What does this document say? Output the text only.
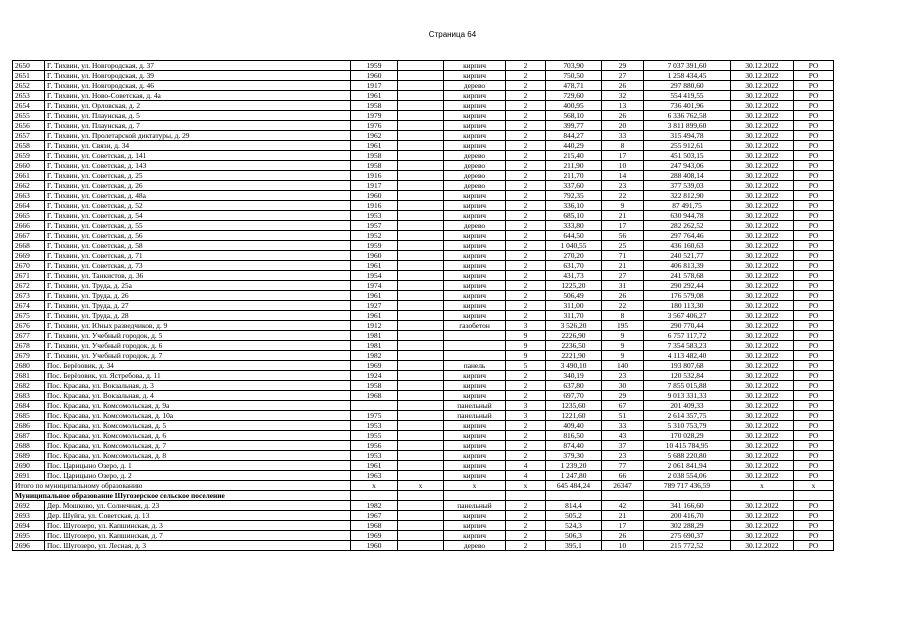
Страница 64
2650	Г. Тихвин, ул. Новгородская, д. 37	1959		кирпич	2	703,90	29	7 037 391,60	30.12.2022	РО
2651	Г. Тихвин, ул. Новгородская, д. 39	1960		кирпич	2	750,50	27	1 258 434,45	30.12.2022	РО
2652	Г. Тихвин, ул. Новгородская, д. 46	1917		дерево	2	478,71	26	297 880,60	30.12.2022	РО
2653	Г. Тихвин, ул. Ново-Советская, д. 4а	1961		кирпич	2	729,60	32	554 419,55	30.12.2022	РО
2654	Г. Тихвин, ул. Орловская, д. 2	1958		кирпич	2	400,95	13	736 401,96	30.12.2022	РО
2655	Г. Тихвин, ул. Плаунская, д. 5	1979		кирпич	2	568,10	26	6 336 762,58	30.12.2022	РО
2656	Г. Тихвин, ул. Плаунская, д. 7	1976		кирпич	2	399,77	20	3 811 899,60	30.12.2022	РО
2657	Г. Тихвин, ул. Пролетарской диктатуры, д. 29	1962		кирпич	2	844,27	33	315 494,78	30.12.2022	РО
2658	Г. Тихвин, ул. Связи, д. 34	1961		кирпич	2	440,29	8	255 912,61	30.12.2022	РО
2659	Г. Тихвин, ул. Советская, д. 141	1958		дерево	2	215,40	17	451 503,15	30.12.2022	РО
2660	Г. Тихвин, ул. Советская, д. 143	1958		дерево	2	211,90	10	247 943,06	30.12.2022	РО
2661	Г. Тихвин, ул. Советская, д. 25	1916		дерево	2	211,70	14	288 408,14	30.12.2022	РО
2662	Г. Тихвин, ул. Советская, д. 26	1917		дерево	2	337,60	23	377 539,03	30.12.2022	РО
2663	Г. Тихвин, ул. Советская, д. 48а	1960		кирпич	2	792,35	22	322 812,90	30.12.2022	РО
2664	Г. Тихвин, ул. Советская, д. 52	1916		кирпич	2	336,10	9	87 491,75	30.12.2022	РО
2665	Г. Тихвин, ул. Советская, д. 54	1953		кирпич	2	685,10	21	630 944,78	30.12.2022	РО
2666	Г. Тихвин, ул. Советская, д. 55	1957		дерево	2	333,80	17	282 262,52	30.12.2022	РО
2667	Г. Тихвин, ул. Советская, д. 56	1952		кирпич	2	644,50	56	297 764,46	30.12.2022	РО
2668	Г. Тихвин, ул. Советская, д. 58	1959		кирпич	2	1 040,55	25	436 160,63	30.12.2022	РО
2669	Г. Тихвин, ул. Советская, д. 71	1960		кирпич	2	270,20	71	240 521,77	30.12.2022	РО
2670	Г. Тихвин, ул. Советская, д. 73	1961		кирпич	2	631,70	21	406 813,39	30.12.2022	РО
2671	Г. Тихвин, ул. Танкистов, д. 36	1954		кирпич	2	431,73	27	241 578,68	30.12.2022	РО
2672	Г. Тихвин, ул. Труда, д. 25а	1974		кирпич	2	1225,20	31	290 292,44	30.12.2022	РО
2673	Г. Тихвин, ул. Труда, д. 26	1961		кирпич	2	506,49	26	176 579,08	30.12.2022	РО
2674	Г. Тихвин, ул. Труда, д. 27	1927		кирпич	2	311,00	22	180 113,30	30.12.2022	РО
2675	Г. Тихвин, ул. Труда, д. 28	1961		кирпич	2	311,70	8	3 567 406,27	30.12.2022	РО
2676	Г. Тихвин, ул. Юных разведчиков, д. 9	1912		газобетон	3	3 526,20	195	290 770,44	30.12.2022	РО
2677	Г. Тихвин, ул. Учебный городок, д. 5	1981			9	2226,90	9	6 757 117,72	30.12.2022	РО
2678	Г. Тихвин, ул. Учебный городок, д. 6	1981			9	2236,50	9	7 354 583,23	30.12.2022	РО
2679	Г. Тихвин, ул. Учебный городок, д. 7	1982			9	2221,90	9	4 113 482,40	30.12.2022	РО
2680	Пос. Берёзовик, д. 34	1969		панель	5	3 490,10	140	193 807,68	30.12.2022	РО
2681	Пос. Берёзовик, ул. Ястребова, д. 11	1924		кирпич	2	340,19	23	120 532,84	30.12.2022	РО
2682	Пос. Красава, ул. Вокзальная, д. 3	1958		кирпич	2	637,80	30	7 855 015,88	30.12.2022	РО
2683	Пос. Красава, ул. Вокзальная, д. 4	1968		кирпич	2	697,70	29	9 013 331,33	30.12.2022	РО
2684	Пос. Красава, ул. Комсомольская, д. 9а			панельный	3	1235,60	67	201 409,33	30.12.2022	РО
2685	Пос. Красава, ул. Комсомольская, д. 10а	1975		панельный	3	1221,60	51	2 614 357,75	30.12.2022	РО
2686	Пос. Красава, ул. Комсомольская, д. 5	1953		кирпич	2	409,40	33	5 310 753,79	30.12.2022	РО
2687	Пос. Красава, ул. Комсомольская, д. 6	1955		кирпич	2	816,50	43	170 028,29	30.12.2022	РО
2688	Пос. Красава, ул. Комсомольская, д. 7	1956		кирпич	2	874,40	37	10 415 784,95	30.12.2022	РО
2689	Пос. Красава, ул. Комсомольская, д. 8	1953		кирпич	2	379,30	23	5 688 220,80	30.12.2022	РО
2690	Пос. Царицыно Озеро, д. 1	1961		кирпич	4	1 239,20	77	2 061 841,94	30.12.2022	РО
2691	Пос. Царицыно Озеро, д. 2	1963		кирпич	4	1 247,80	66	2 038 554,06	30.12.2022	РО
Итого по муниципальному образованию		х	х	х	х	645 484,24	26347	789 717 436,59	х	х
Муниципальное образование Шугозерское сельское поселение										
2692	Дер. Мошково, ул. Солнечная, д. 23	1982		панельный	2	814,4	42	341 166,60	30.12.2022	РО
2693	Дер. Шуйга, ул. Советская, д. 13	1967		кирпич	2	505,2	21	200 416,70	30.12.2022	РО
2694	Пос. Шугозеро, ул. Капшинская, д. 3	1968		кирпич	2	524,3	17	302 288,29	30.12.2022	РО
2695	Пос. Шугозеро, ул. Капшинская, д. 7	1969		кирпич	2	506,3	26	275 690,37	30.12.2022	РО
2696	Пос. Шугозеро, ул. Лесная, д. 3	1960		дерево	2	395,1	10	215 772,52	30.12.2022	РО
